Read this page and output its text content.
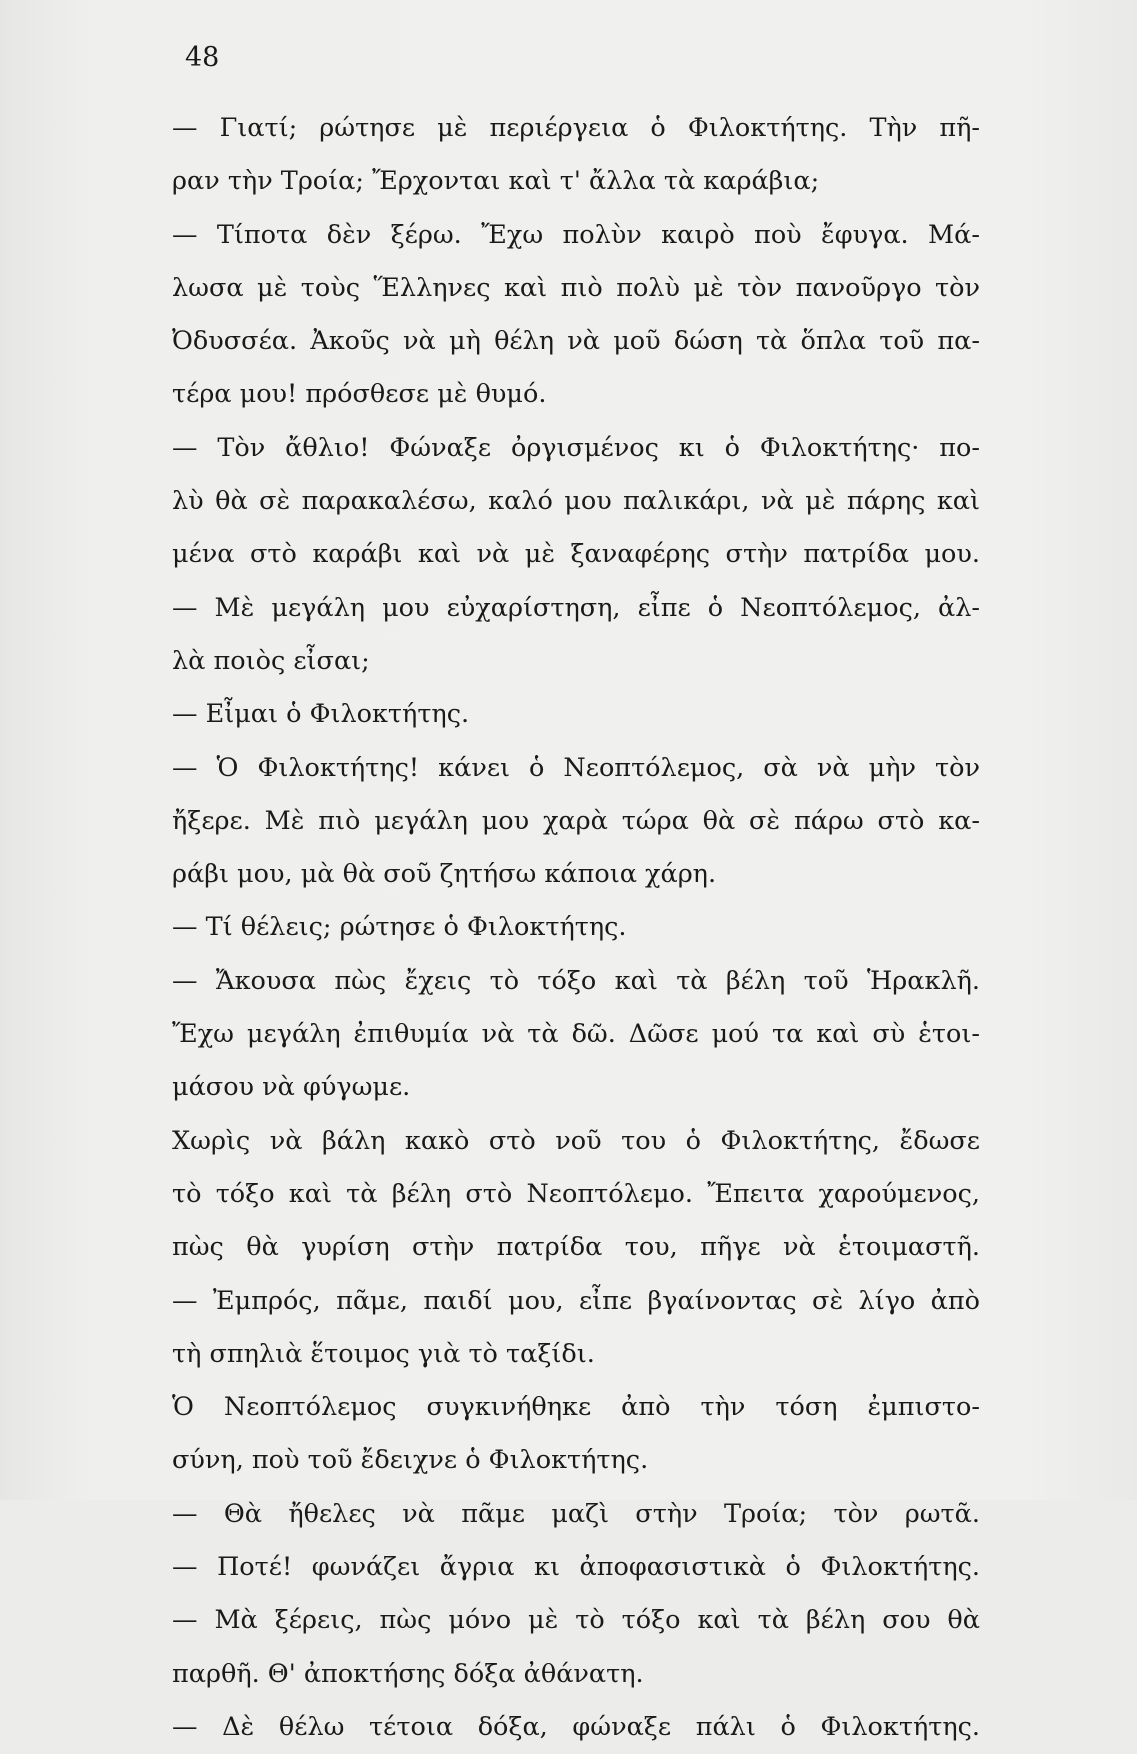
48
— Γιατί; ρώτησε μὲ περιέργεια ὁ Φιλοκτήτης. Τὴν πῆ-
ραν τὴν Τροία; Ἔρχονται καὶ τ' ἄλλα τὰ καράβια;
— Τίποτα δὲν ξέρω. Ἔχω πολὺν καιρὸ ποὺ ἔφυγα. Μά-
λωσα μὲ τοὺς Ἕλληνες καὶ πιὸ πολὺ μὲ τὸν πανοῦργο τὸν
Ὀδυσσέα. Ἀκοῦς νὰ μὴ θέλη νὰ μοῦ δώση τὰ ὅπλα τοῦ πα-
τέρα μου! πρόσθεσε μὲ θυμό.
— Τὸν ἄθλιο! Φώναξε ὀργισμένος κι ὁ Φιλοκτήτης· πο-
λὺ θὰ σὲ παρακαλέσω, καλό μου παλικάρι, νὰ μὲ πάρης καὶ
μένα στὸ καράβι καὶ νὰ μὲ ξαναφέρης στὴν πατρίδα μου.
— Μὲ μεγάλη μου εὐχαρίστηση, εἶπε ὁ Νεοπτόλεμος, ἀλ-
λὰ ποιὸς εἶσαι;
— Εἶμαι ὁ Φιλοκτήτης.
— Ὁ Φιλοκτήτης! κάνει ὁ Νεοπτόλεμος, σὰ νὰ μὴν τὸν
ἤξερε. Μὲ πιὸ μεγάλη μου χαρὰ τώρα θὰ σὲ πάρω στὸ κα-
ράβι μου, μὰ θὰ σοῦ ζητήσω κάποια χάρη.
— Τί θέλεις; ρώτησε ὁ Φιλοκτήτης.
— Ἄκουσα πὼς ἔχεις τὸ τόξο καὶ τὰ βέλη τοῦ Ἡρακλῆ.
Ἔχω μεγάλη ἐπιθυμία νὰ τὰ δῶ. Δῶσε μού τα καὶ σὺ ἑτοι-
μάσου νὰ φύγωμε.
Χωρὶς νὰ βάλη κακὸ στὸ νοῦ του ὁ Φιλοκτήτης, ἔδωσε
τὸ τόξο καὶ τὰ βέλη στὸ Νεοπτόλεμο. Ἔπειτα χαρούμενος,
πὼς θὰ γυρίση στὴν πατρίδα του, πῆγε νὰ ἑτοιμαστῆ.
— Ἐμπρός, πᾶμε, παιδί μου, εἶπε βγαίνοντας σὲ λίγο ἀπὸ
τὴ σπηλιὰ ἕτοιμος γιὰ τὸ ταξίδι.
Ὁ Νεοπτόλεμος συγκινήθηκε ἀπὸ τὴν τόση ἐμπιστο-
σύνη, ποὺ τοῦ ἔδειχνε ὁ Φιλοκτήτης.
— Θὰ ἤθελες νὰ πᾶμε μαζὶ στὴν Τροία; τὸν ρωτᾶ.
— Ποτέ! φωνάζει ἄγρια κι ἀποφασιστικὰ ὁ Φιλοκτήτης.
— Μὰ ξέρεις, πὼς μόνο μὲ τὸ τόξο καὶ τὰ βέλη σου θὰ
παρθῆ. Θ' ἀποκτήσης δόξα ἀθάνατη.
— Δὲ θέλω τέτοια δόξα, φώναξε πάλι ὁ Φιλοκτήτης.
